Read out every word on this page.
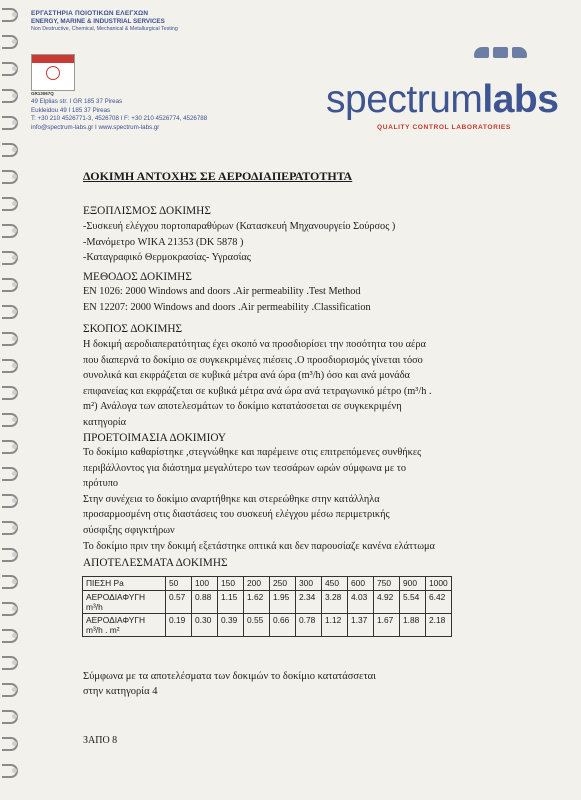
ΕΡΓΑΣΤΗΡΙΑ ΠΟΙΟΤΙΚΩΝ ΕΛΕΓΧΩΝ
ENERGY, MARINE & INDUSTRIAL SERVICES
Non Destructive, Chemical, Mechanical & Metallurgical Testing
GR13067Q
49 Elplias str. I GR 185 37 Pireas
Eukleidou 49 I 185 37 Pireas
T: +30 210 4526771-3, 4526708 I F: +30 210 4526774, 4526788
info@spectrum-labs.gr I www.spectrum-labs.gr
spectrumlabs
QUALITY CONTROL LABORATORIES
ΔΟΚΙΜΗ ΑΝΤΟΧΗΣ ΣΕ ΑΕΡΟΔΙΑΠΕΡΑΤΟΤΗΤΑ
ΕΞΟΠΛΙΣΜΟΣ ΔΟΚΙΜΗΣ
-Συσκευή ελέγχου πορτοπαραθύρων (Κατασκευή Μηχανουργείο Σούρσος )
-Μανόμετρο WIKA 21353 (DK 5878 )
-Καταγραφικό Θερμοκρασίας- Υγρασίας
ΜΕΘΟΔΟΣ ΔΟΚΙΜΗΣ
EN 1026: 2000 Windows and doors .Air permeability .Test Method
EN 12207: 2000 Windows and doors .Air permeability .Classification
ΣΚΟΠΟΣ ΔΟΚΙΜΗΣ
Η δοκιμή αεροδιαπερατότητας έχει σκοπό να προσδιορίσει την ποσότητα του αέρα
που διαπερνά το δοκίμιο σε συγκεκριμένες πιέσεις .Ο προσδιορισμός γίνεται τόσο
συνολικά και εκφράζεται σε κυβικά μέτρα ανά ώρα (m³/h) όσο και ανά μονάδα
επιφανείας και εκφράζεται σε κυβικά μέτρα ανά ώρα ανά τετραγωνικό μέτρο (m³/h .
m²) Ανάλογα των αποτελεσμάτων το δοκίμιο κατατάσσεται σε συγκεκριμένη
κατηγορία
ΠΡΟΕΤΟΙΜΑΣΙΑ ΔΟΚΙΜΙΟΥ
Το δοκίμιο καθαρίστηκε ,στεγνώθηκε και παρέμεινε στις επιτρεπόμενες συνθήκες
περιβάλλοντος για διάστημα μεγαλύτερο των τεσσάρων ωρών σύμφωνα με το
πρότυπο
Στην συνέχεια το δοκίμιο αναρτήθηκε και στερεώθηκε στην κατάλληλα
προσαρμοσμένη στις διαστάσεις του συσκευή ελέγχου μέσω περιμετρικής
σύσφιξης σφιγκτήρων
Το δοκίμιο πριν την δοκιμή εξετάστηκε οπτικά και δεν παρουσίαζε κανένα ελάττωμα
ΑΠΟΤΕΛΕΣΜΑΤΑ ΔΟΚΙΜΗΣ
ΠΙΕΣΗ Pa	50	100	150	200	250	300	450	600	750	900	1000

ΑΕΡΟΔΙΑΦΥΓΗ
m³/h	0.57	0.88	1.15	1.62	1.95	2.34	3.28	4.03	4.92	5.54	6.42

ΑΕΡΟΔΙΑΦΥΓΗ
m³/h . m²	0.19	0.30	0.39	0.55	0.66	0.78	1.12	1.37	1.67	1.88	2.18
Σύμφωνα με τα αποτελέσματα των δοκιμών το δοκίμιο κατατάσσεται
στην κατηγορία 4
ЗАПО 8
